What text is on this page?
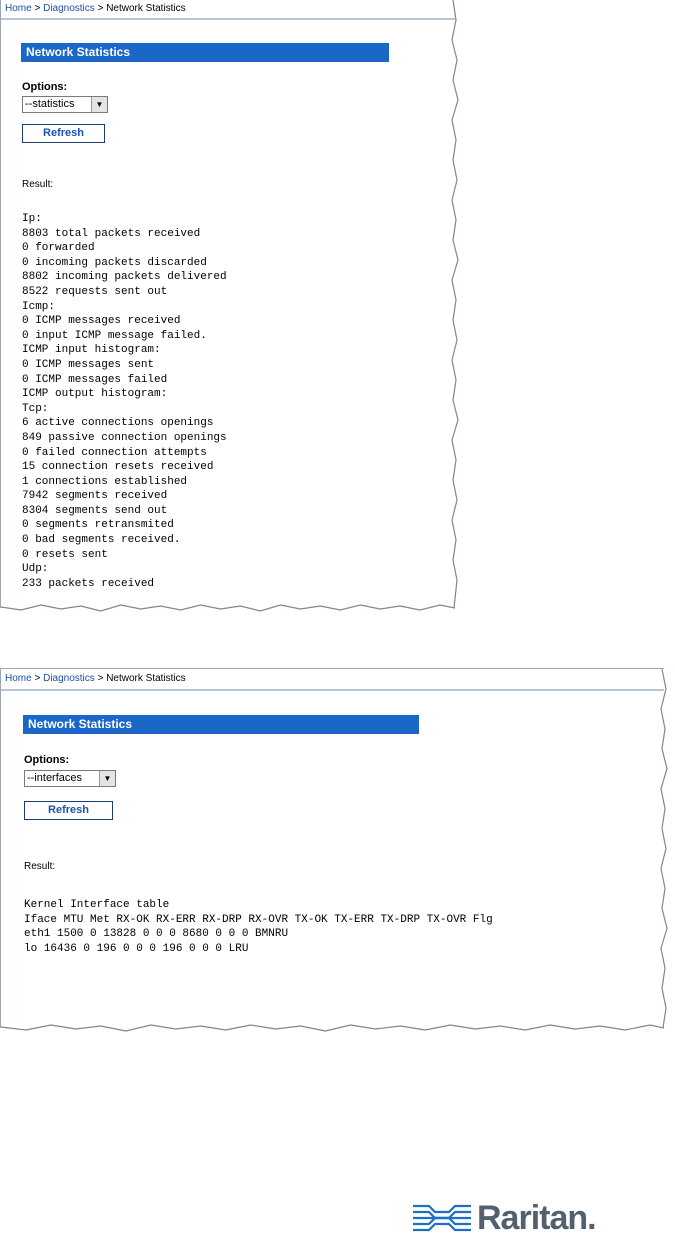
Home > Diagnostics > Network Statistics
Network Statistics
Options:
--statistics	▼
Refresh
Result:
Ip:
8803 total packets received
0 forwarded
0 incoming packets discarded
8802 incoming packets delivered
8522 requests sent out
Icmp:
0 ICMP messages received
0 input ICMP message failed.
ICMP input histogram:
0 ICMP messages sent
0 ICMP messages failed
ICMP output histogram:
Tcp:
6 active connections openings
849 passive connection openings
0 failed connection attempts
15 connection resets received
1 connections established
7942 segments received
8304 segments send out
0 segments retransmited
0 bad segments received.
0 resets sent
Udp:
233 packets received
Home > Diagnostics > Network Statistics
Network Statistics
Options:
--interfaces	▼
Refresh
Result:
Kernel Interface table
Iface MTU Met RX-OK RX-ERR RX-DRP RX-OVR TX-OK TX-ERR TX-DRP TX-OVR Flg
eth1 1500 0 13828 0 0 0 8680 0 0 0 BMNRU
lo 16436 0 196 0 0 0 196 0 0 0 LRU
Raritan.
